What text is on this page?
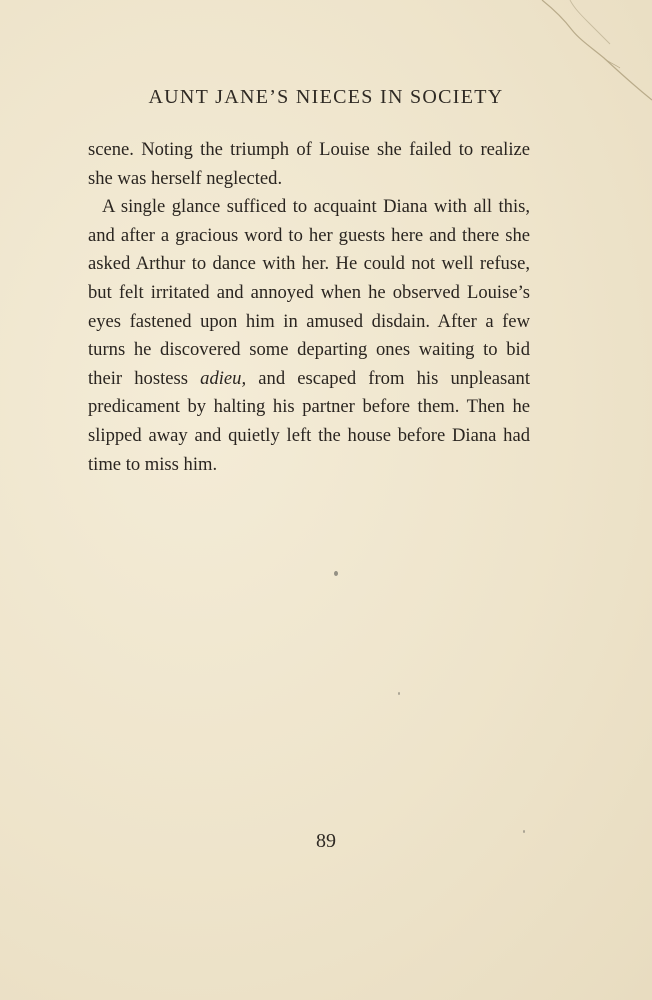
AUNT JANE’S NIECES IN SOCIETY

scene. Noting the triumph of Louise she failed to realize she was herself neglected.

A single glance sufficed to acquaint Diana with all this, and after a gracious word to her guests here and there she asked Arthur to dance with her. He could not well refuse, but felt irritated and annoyed when he observed Louise’s eyes fastened upon him in amused disdain. After a few turns he discovered some departing ones waiting to bid their hostess adieu, and escaped from his unpleasant predicament by halting his partner before them. Then he slipped away and quietly left the house before Diana had time to miss him.

89
